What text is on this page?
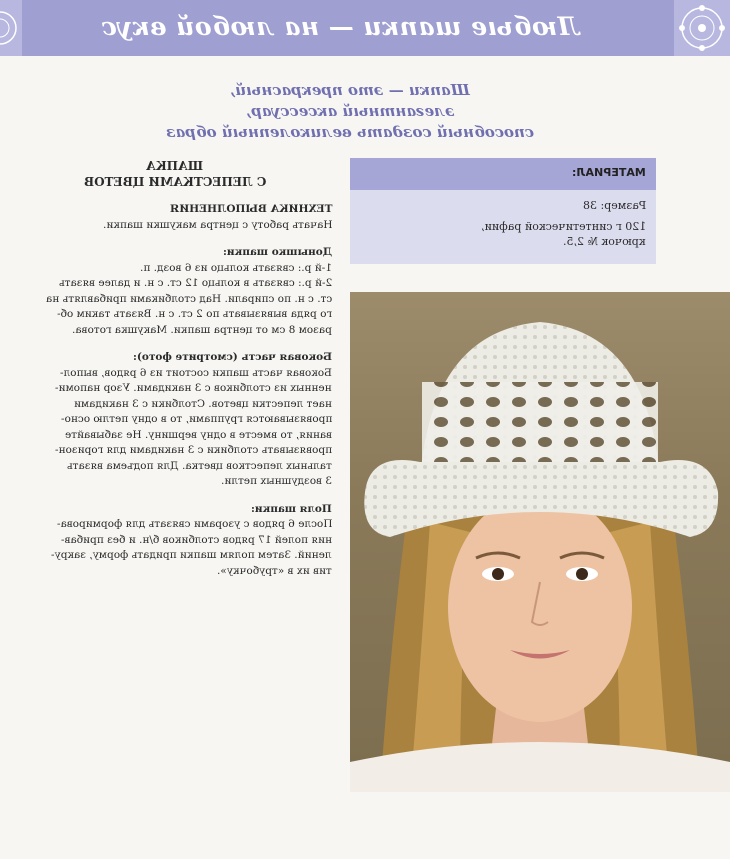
Любые шапки — на любой вкус
Шапки — это прекрасный,
элегантный аксессуар,
способный создать великолепный образ
ШАПКА
С ЛЕПЕСТКАМИ ЦВЕТОВ
МАТЕРИАЛ:
Размер: 38
120 г синтетической рафии,
крючок № 2,5.

ТЕХНИКА ВЫПОЛНЕНИЯ

Начать работу с центра макушки шапки.

Донышко шапки:

1-й р.: связать кольцо из 6 возд. п.

2-й р.: связать в кольцо 12 ст. с н. и далее вязать

ст. с н. по спирали. Над столбиками прибавлять на

го ряда вывязывать по 2 ст. с н. Вязать таким об-

разом 8 см от центра шапки. Макушка готова.

Боковая часть (смотрите фото):

Боковая часть шапки состоит из 6 рядов, выпол-

ненных из столбиков с 3 накидами. Узор напоми-

нает лепестки цветов. Столбики с 3 накидами

провязываются группами, то в одну петлю осно-

вания, то вместе в одну вершину. Не забывайте

провязывать столбики с 3 накидами для горизон-

тальных лепестков цветка. Для подъема вязать

3 воздушных петли.

Поля шапки:

После 6 рядов с узорами связать для формирова-

ния полей 17 рядов столбиков б/н. и без прибав-

лений. Затем полям шапки придать форму, закру-

тив их в «трубочку».
